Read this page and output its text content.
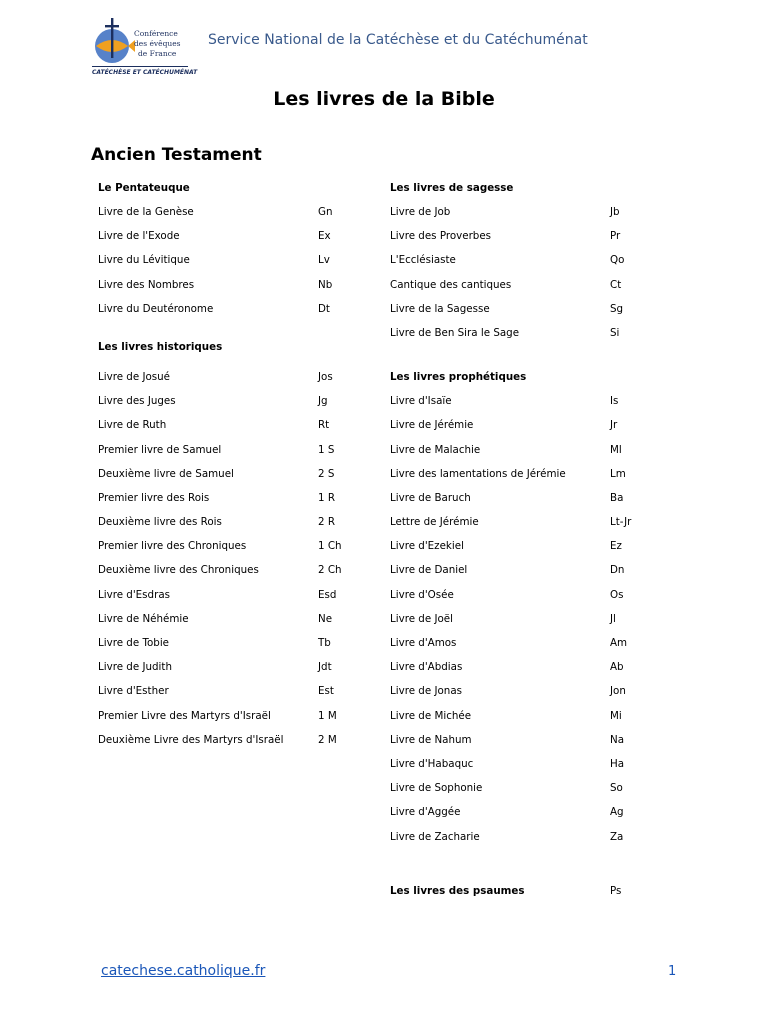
Conférence
des évêques
de France
CATÉCHÈSE ET CATÉCHUMÉNAT
Service National de la Catéchèse et du Catéchuménat
Les livres de la Bible
Ancien Testament
Le Pentateuque
Livre de la Genèse	Gn
Livre de l'Exode	Ex
Livre du Lévitique	Lv
Livre des Nombres	Nb
Livre du Deutéronome	Dt
Les livres historiques
Livre de Josué	Jos
Livre des Juges	Jg
Livre de Ruth	Rt
Premier livre de Samuel	1 S
Deuxième livre de Samuel	2 S
Premier livre des Rois	1 R
Deuxième livre des Rois	2 R
Premier livre des Chroniques	1 Ch
Deuxième livre des Chroniques	2 Ch
Livre d'Esdras	Esd
Livre de Néhémie	Ne
Livre de Tobie	Tb
Livre de Judith	Jdt
Livre d'Esther	Est
Premier Livre des Martyrs d'Israël	1 M
Deuxième Livre des Martyrs d'Israël	2 M
Les livres de sagesse
Livre de Job	Jb
Livre des Proverbes	Pr
L'Ecclésiaste	Qo
Cantique des cantiques	Ct
Livre de la Sagesse	Sg
Livre de Ben Sira le Sage	Si
Les livres prophétiques
Livre d'Isaïe	Is
Livre de Jérémie	Jr
Livre de Malachie	Ml
Livre des lamentations de Jérémie	Lm
Livre de Baruch	Ba
Lettre de Jérémie	Lt-Jr
Livre d'Ezekiel	Ez
Livre de Daniel	Dn
Livre d'Osée	Os
Livre de Joël	Jl
Livre d'Amos	Am
Livre d'Abdias	Ab
Livre de Jonas	Jon
Livre de Michée	Mi
Livre de Nahum	Na
Livre d'Habaquc	Ha
Livre de Sophonie	So
Livre d'Aggée	Ag
Livre de Zacharie	Za
Les livres des psaumes	Ps
catechese.catholique.fr	1
